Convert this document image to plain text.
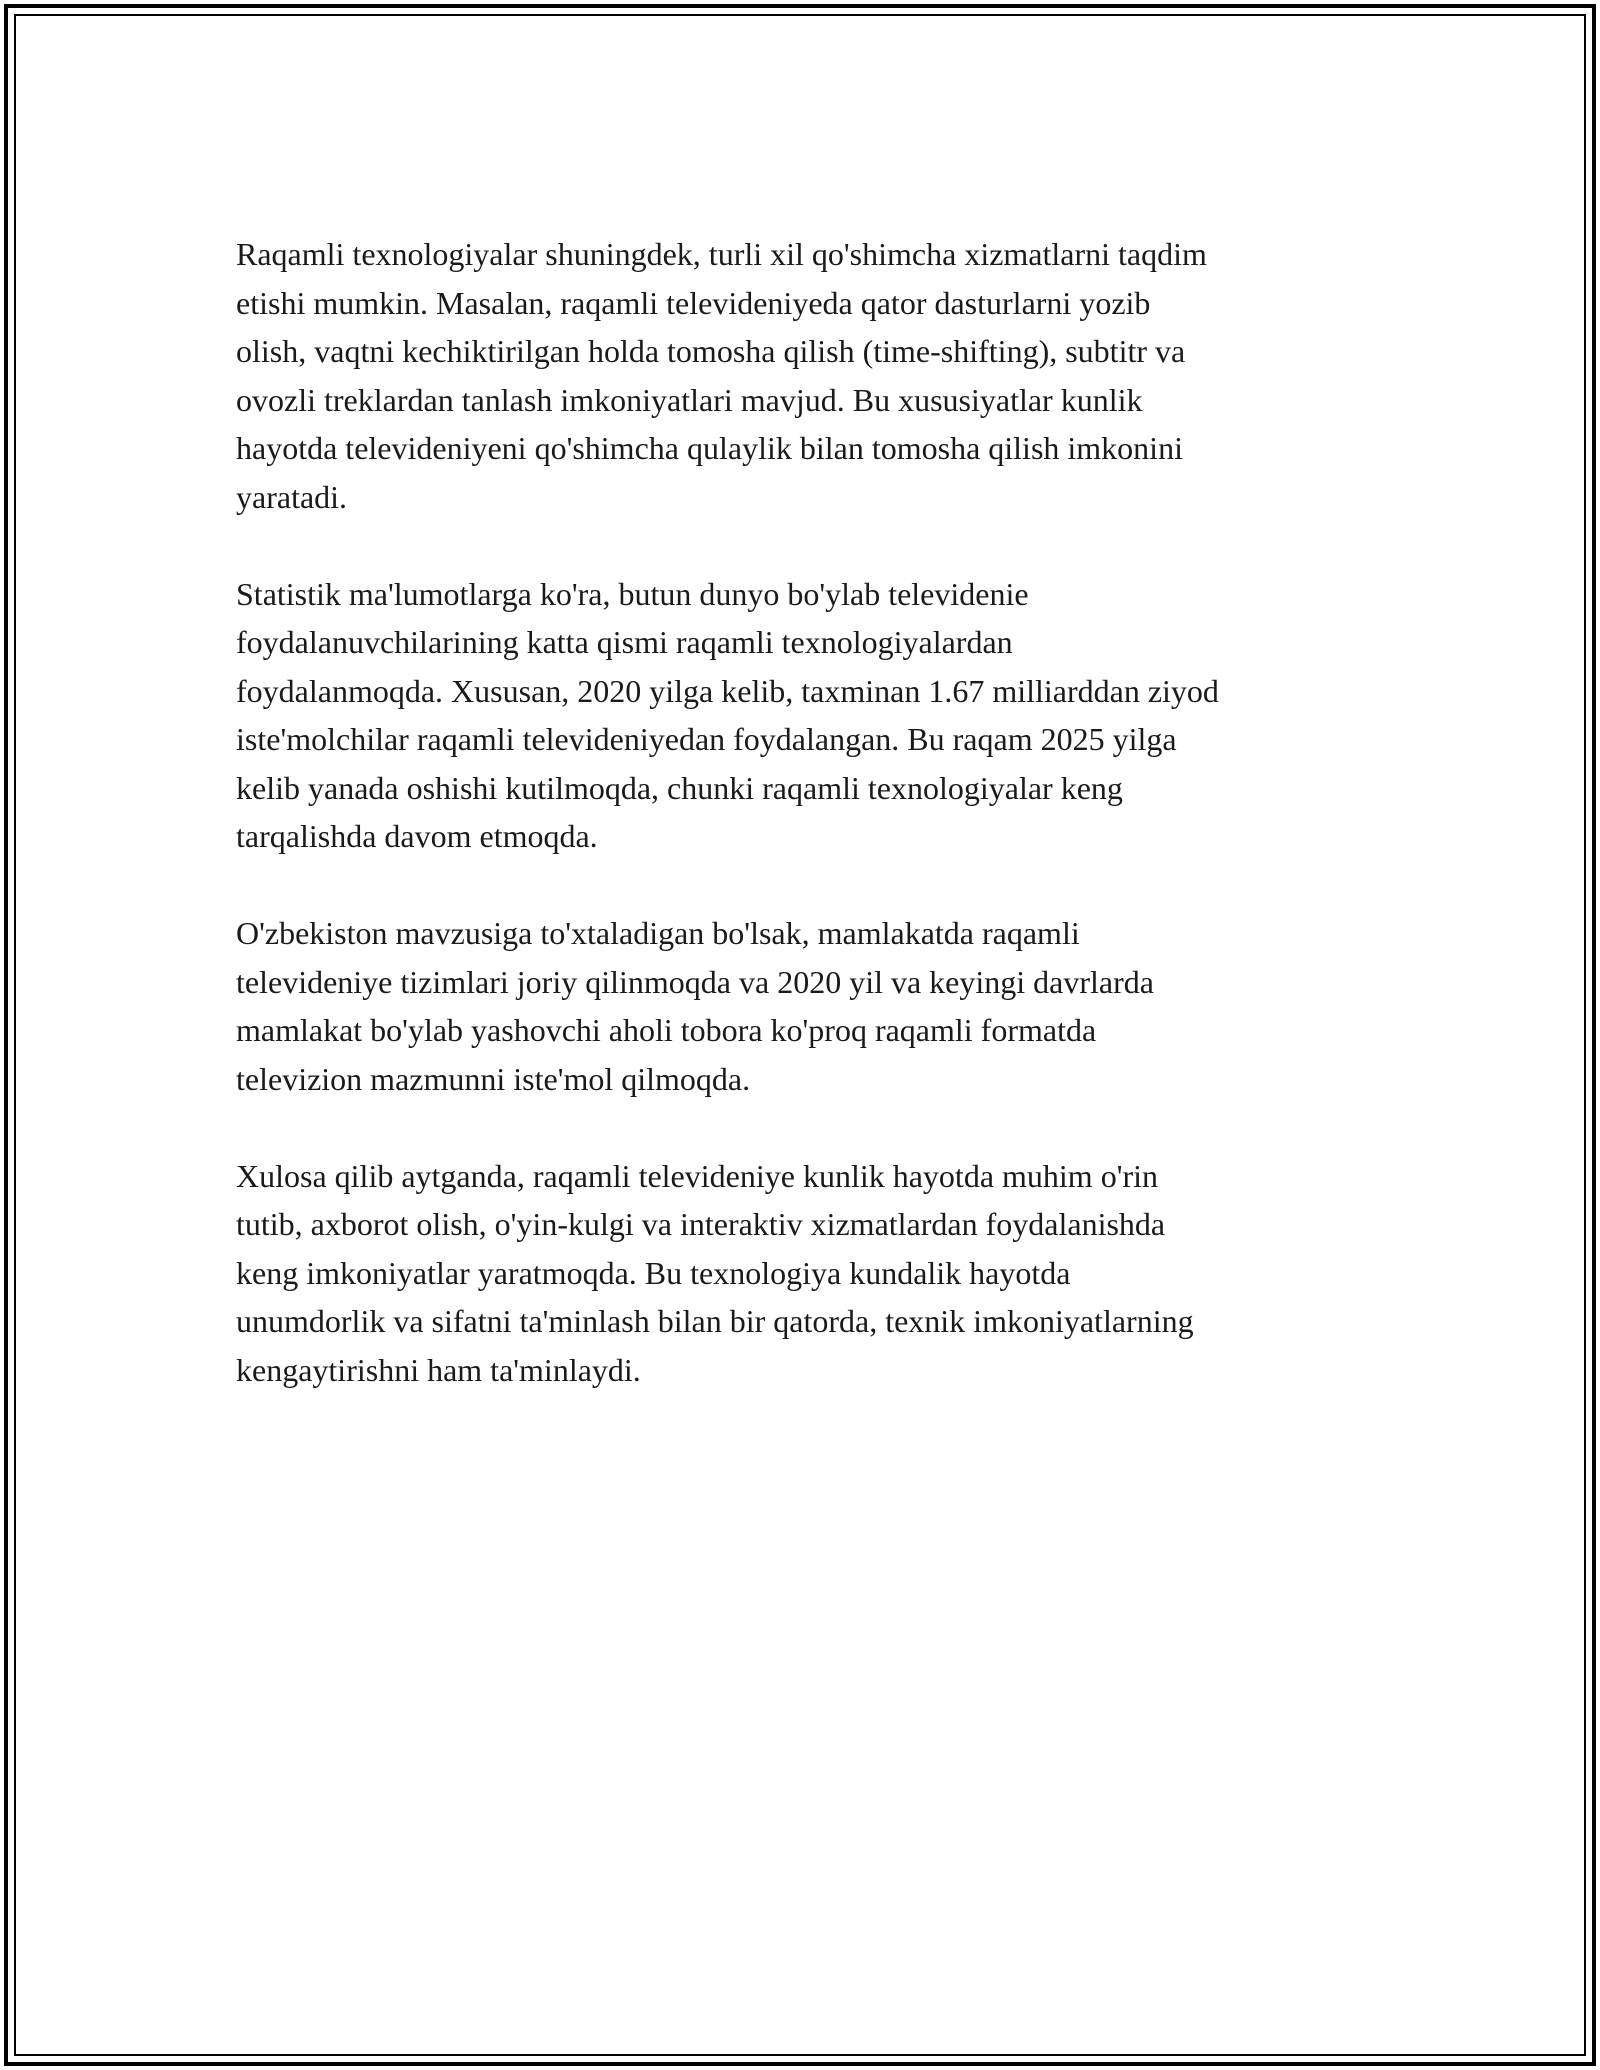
Raqamli texnologiyalar shuningdek, turli xil qo'shimcha xizmatlarni taqdim
etishi mumkin. Masalan, raqamli televideniyeda qator dasturlarni yozib
olish, vaqtni kechiktirilgan holda tomosha qilish (time-shifting), subtitr va
ovozli treklardan tanlash imkoniyatlari mavjud. Bu xususiyatlar kunlik
hayotda televideniyeni qo'shimcha qulaylik bilan tomosha qilish imkonini
yaratadi.

Statistik ma'lumotlarga ko'ra, butun dunyo bo'ylab televidenie
foydalanuvchilarining katta qismi raqamli texnologiyalardan
foydalanmoqda. Xususan, 2020 yilga kelib, taxminan 1.67 milliarddan ziyod
iste'molchilar raqamli televideniyedan foydalangan. Bu raqam 2025 yilga
kelib yanada oshishi kutilmoqda, chunki raqamli texnologiyalar keng
tarqalishda davom etmoqda.

O'zbekiston mavzusiga to'xtaladigan bo'lsak, mamlakatda raqamli
televideniye tizimlari joriy qilinmoqda va 2020 yil va keyingi davrlarda
mamlakat bo'ylab yashovchi aholi tobora ko'proq raqamli formatda
televizion mazmunni iste'mol qilmoqda.

Xulosa qilib aytganda, raqamli televideniye kunlik hayotda muhim o'rin
tutib, axborot olish, o'yin-kulgi va interaktiv xizmatlardan foydalanishda
keng imkoniyatlar yaratmoqda. Bu texnologiya kundalik hayotda
unumdorlik va sifatni ta'minlash bilan bir qatorda, texnik imkoniyatlarning
kengaytirishni ham ta'minlaydi.
